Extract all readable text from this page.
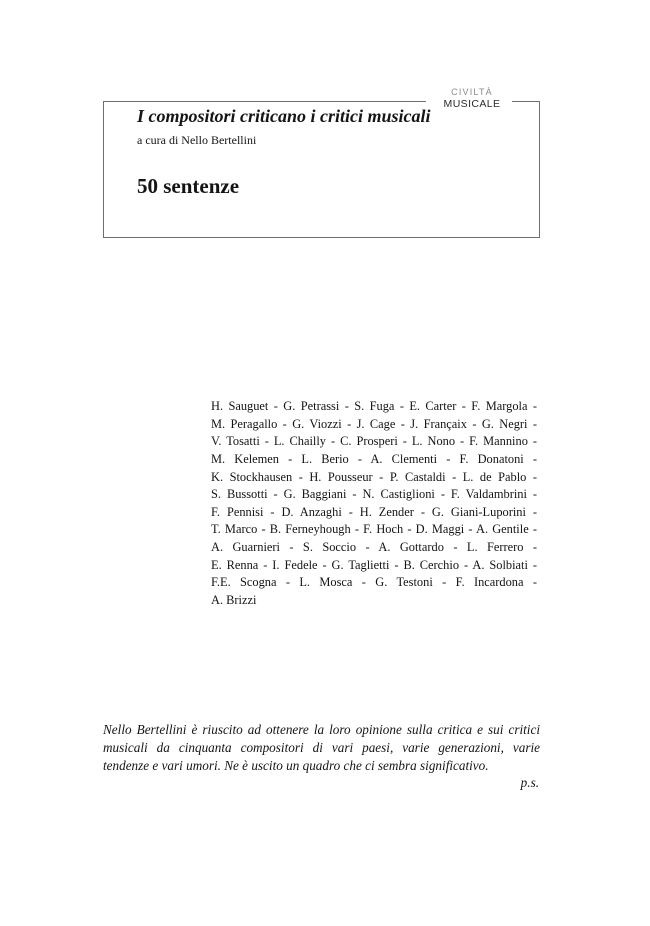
CIVILTÀ
MUSICALE
I compositori criticano i critici musicali
a cura di Nello Bertellini
50 sentenze
H. Sauguet - G. Petrassi - S. Fuga - E. Carter - F. Margola -
M. Peragallo - G. Viozzi - J. Cage - J. Françaix - G. Negri -
V. Tosatti - L. Chailly - C. Prosperi - L. Nono - F. Mannino -
M. Kelemen - L. Berio - A. Clementi - F. Donatoni -
K. Stockhausen - H. Pousseur - P. Castaldi - L. de Pablo -
S. Bussotti - G. Baggiani - N. Castiglioni - F. Valdambrini -
F. Pennisi - D. Anzaghi - H. Zender - G. Giani-Luporini -
T. Marco - B. Ferneyhough - F. Hoch - D. Maggi - A. Gentile -
A. Guarnieri - S. Soccio - A. Gottardo - L. Ferrero -
E. Renna - I. Fedele - G. Taglietti - B. Cerchio - A. Solbiati -
F.E. Scogna - L. Mosca - G. Testoni - F. Incardona -
A. Brizzi
Nello Bertellini è riuscito ad ottenere la loro opinione sulla critica e sui critici
musicali da cinquanta compositori di vari paesi, varie generazioni, varie
tendenze e vari umori. Ne è uscito un quadro che ci sembra significativo.
p.s.
